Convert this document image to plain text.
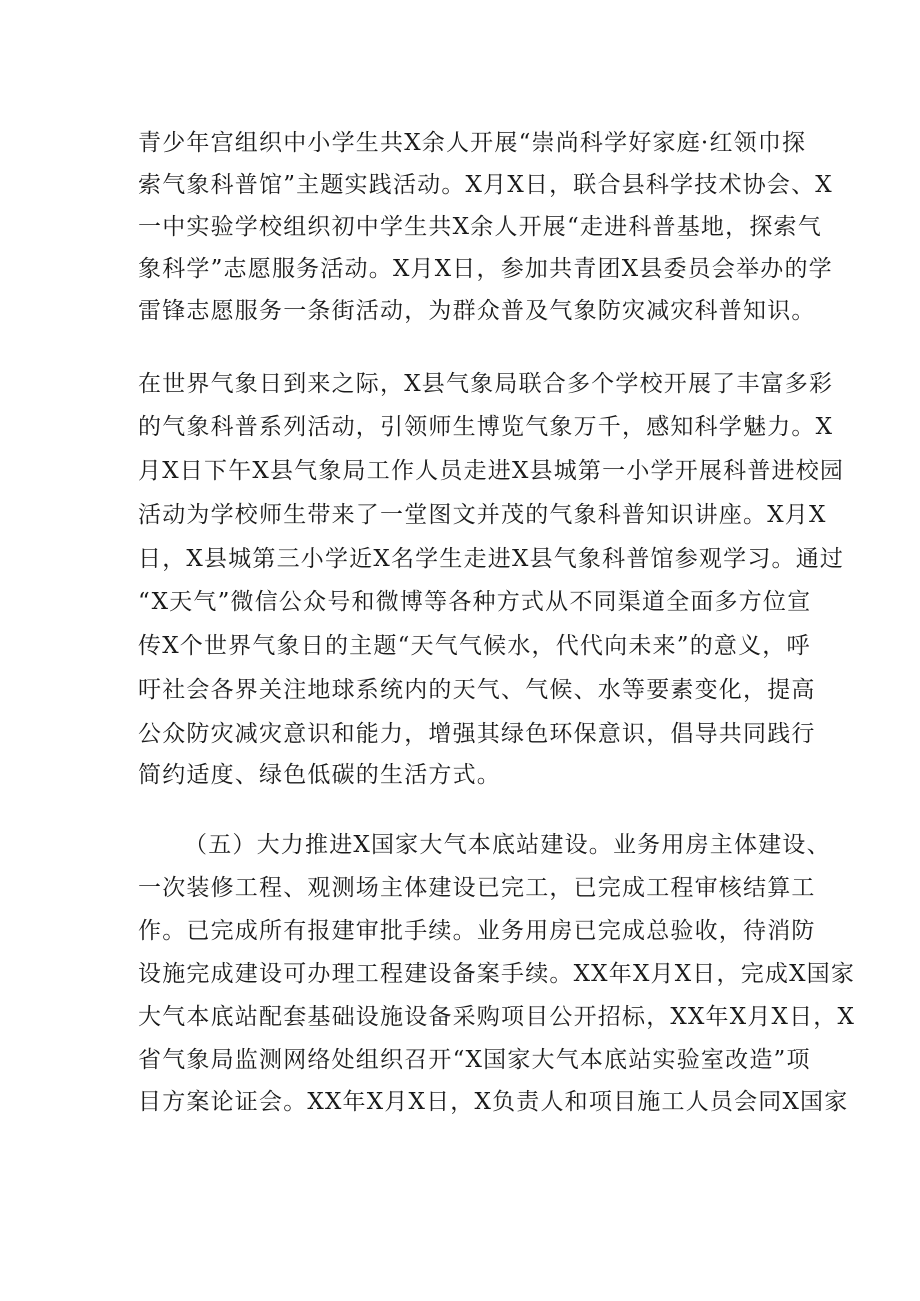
青少年宫组织中小学生共X余人开展“崇尚科学好家庭·红领巾探
索气象科普馆”主题实践活动。X月X日，联合县科学技术协会、X
一中实验学校组织初中学生共X余人开展“走进科普基地，探索气
象科学”志愿服务活动。X月X日，参加共青团X县委员会举办的学
雷锋志愿服务一条街活动，为群众普及气象防灾减灾科普知识。
在世界气象日到来之际，X县气象局联合多个学校开展了丰富多彩
的气象科普系列活动，引领师生博览气象万千，感知科学魅力。X
月X日下午X县气象局工作人员走进X县城第一小学开展科普进校园
活动为学校师生带来了一堂图文并茂的气象科普知识讲座。X月X
日，X县城第三小学近X名学生走进X县气象科普馆参观学习。通过
“X天气”微信公众号和微博等各种方式从不同渠道全面多方位宣
传X个世界气象日的主题“天气气候水，代代向未来”的意义，呼
吁社会各界关注地球系统内的天气、气候、水等要素变化，提高
公众防灾减灾意识和能力，增强其绿色环保意识，倡导共同践行
简约适度、绿色低碳的生活方式。
（五）大力推进X国家大气本底站建设。业务用房主体建设、
一次装修工程、观测场主体建设已完工，已完成工程审核结算工
作。已完成所有报建审批手续。业务用房已完成总验收，待消防
设施完成建设可办理工程建设备案手续。XX年X月X日，完成X国家
大气本底站配套基础设施设备采购项目公开招标，XX年X月X日，X
省气象局监测网络处组织召开“X国家大气本底站实验室改造”项
目方案论证会。XX年X月X日，X负责人和项目施工人员会同X国家
